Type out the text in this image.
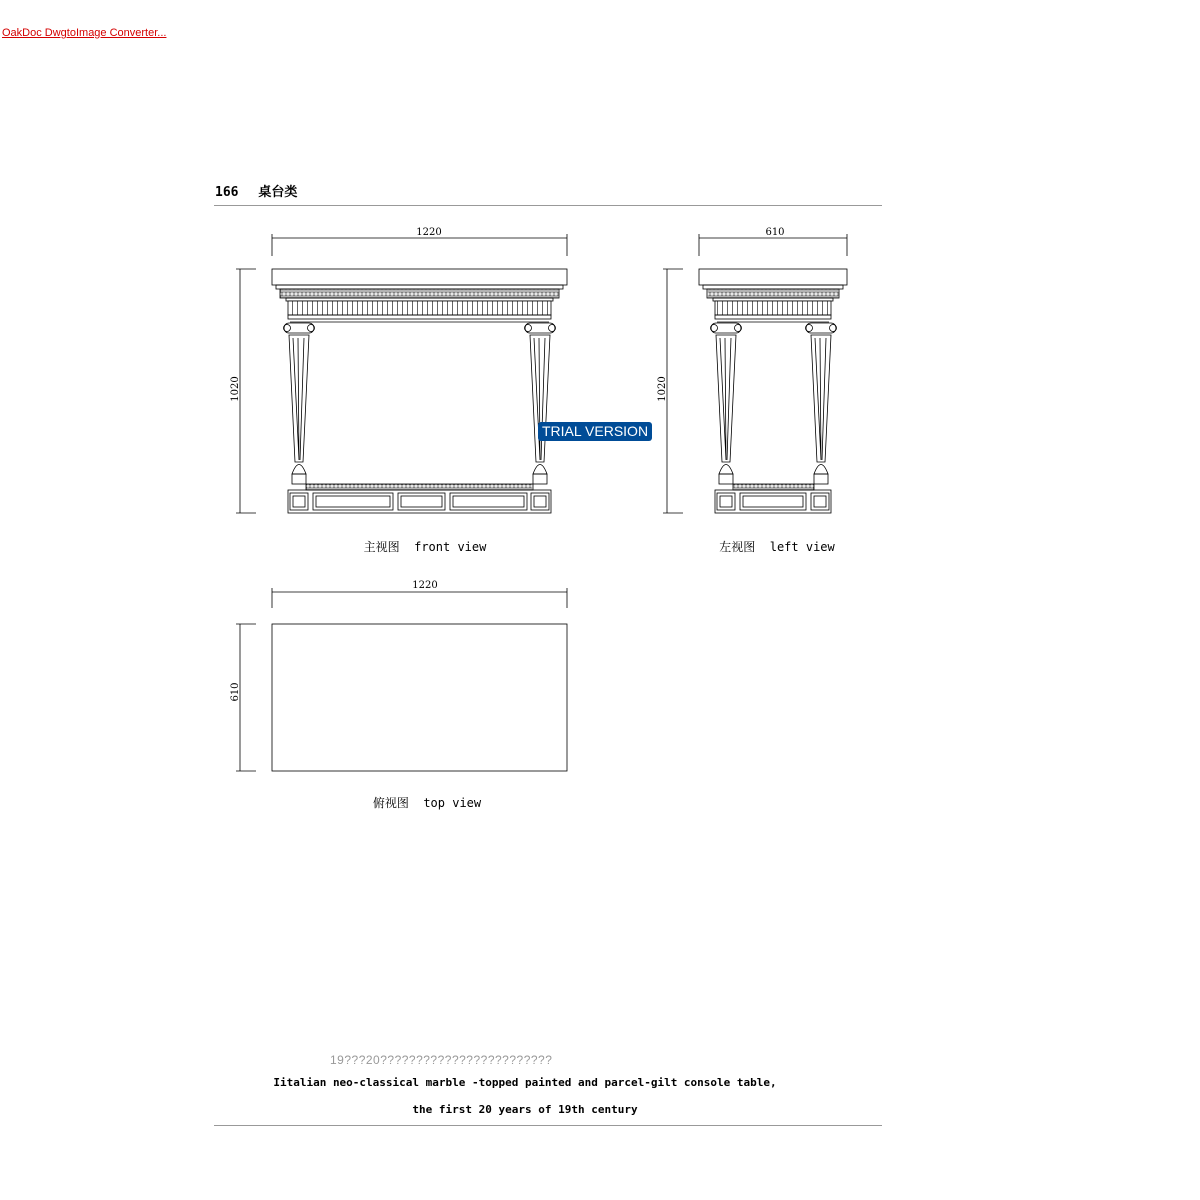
OakDoc DwgtoImage Converter...
166 桌台类
1220
1020
610
1020
1220
610
主视图 front view	左视图 left view
俯视图 top view
TRIAL VERSION
19???20????????????????????????
Iitalian neo-classical marble -topped painted and parcel-gilt console table,
the first 20 years of 19th century
